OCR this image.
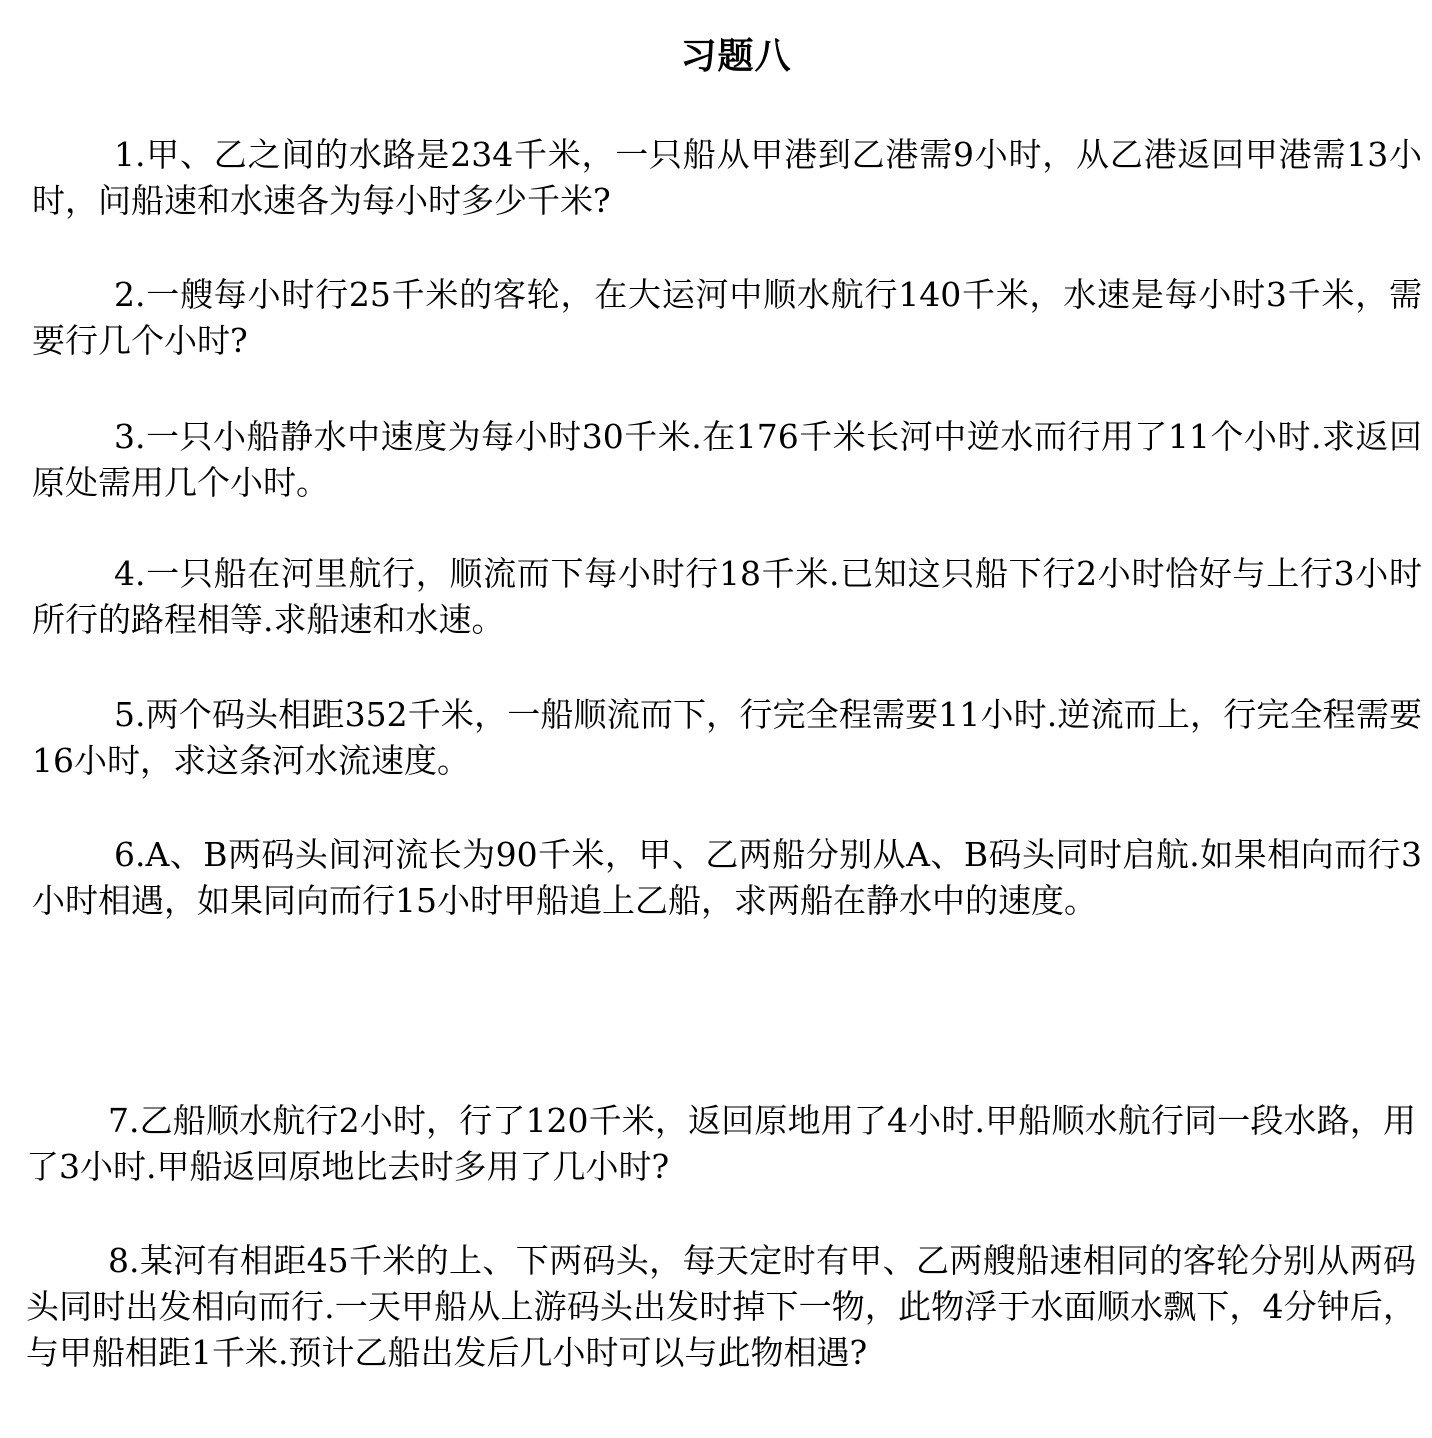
习题八
1.甲、乙之间的水路是234千米，一只船从甲港到乙港需9小时，从乙港返回甲港需13小时，问船速和水速各为每小时多少千米?
2.一艘每小时行25千米的客轮，在大运河中顺水航行140千米，水速是每小时3千米，需要行几个小时?
3.一只小船静水中速度为每小时30千米.在176千米长河中逆水而行用了11个小时.求返回原处需用几个小时。
4.一只船在河里航行，顺流而下每小时行18千米.已知这只船下行2小时恰好与上行3小时所行的路程相等.求船速和水速。
5.两个码头相距352千米，一船顺流而下，行完全程需要11小时.逆流而上，行完全程需要16小时，求这条河水流速度。
6.A、B两码头间河流长为90千米，甲、乙两船分别从A、B码头同时启航.如果相向而行3小时相遇，如果同向而行15小时甲船追上乙船，求两船在静水中的速度。
7.乙船顺水航行2小时，行了120千米，返回原地用了4小时.甲船顺水航行同一段水路，用了3小时.甲船返回原地比去时多用了几小时?
8.某河有相距45千米的上、下两码头，每天定时有甲、乙两艘船速相同的客轮分别从两码头同时出发相向而行.一天甲船从上游码头出发时掉下一物，此物浮于水面顺水飘下，4分钟后，与甲船相距1千米.预计乙船出发后几小时可以与此物相遇?
